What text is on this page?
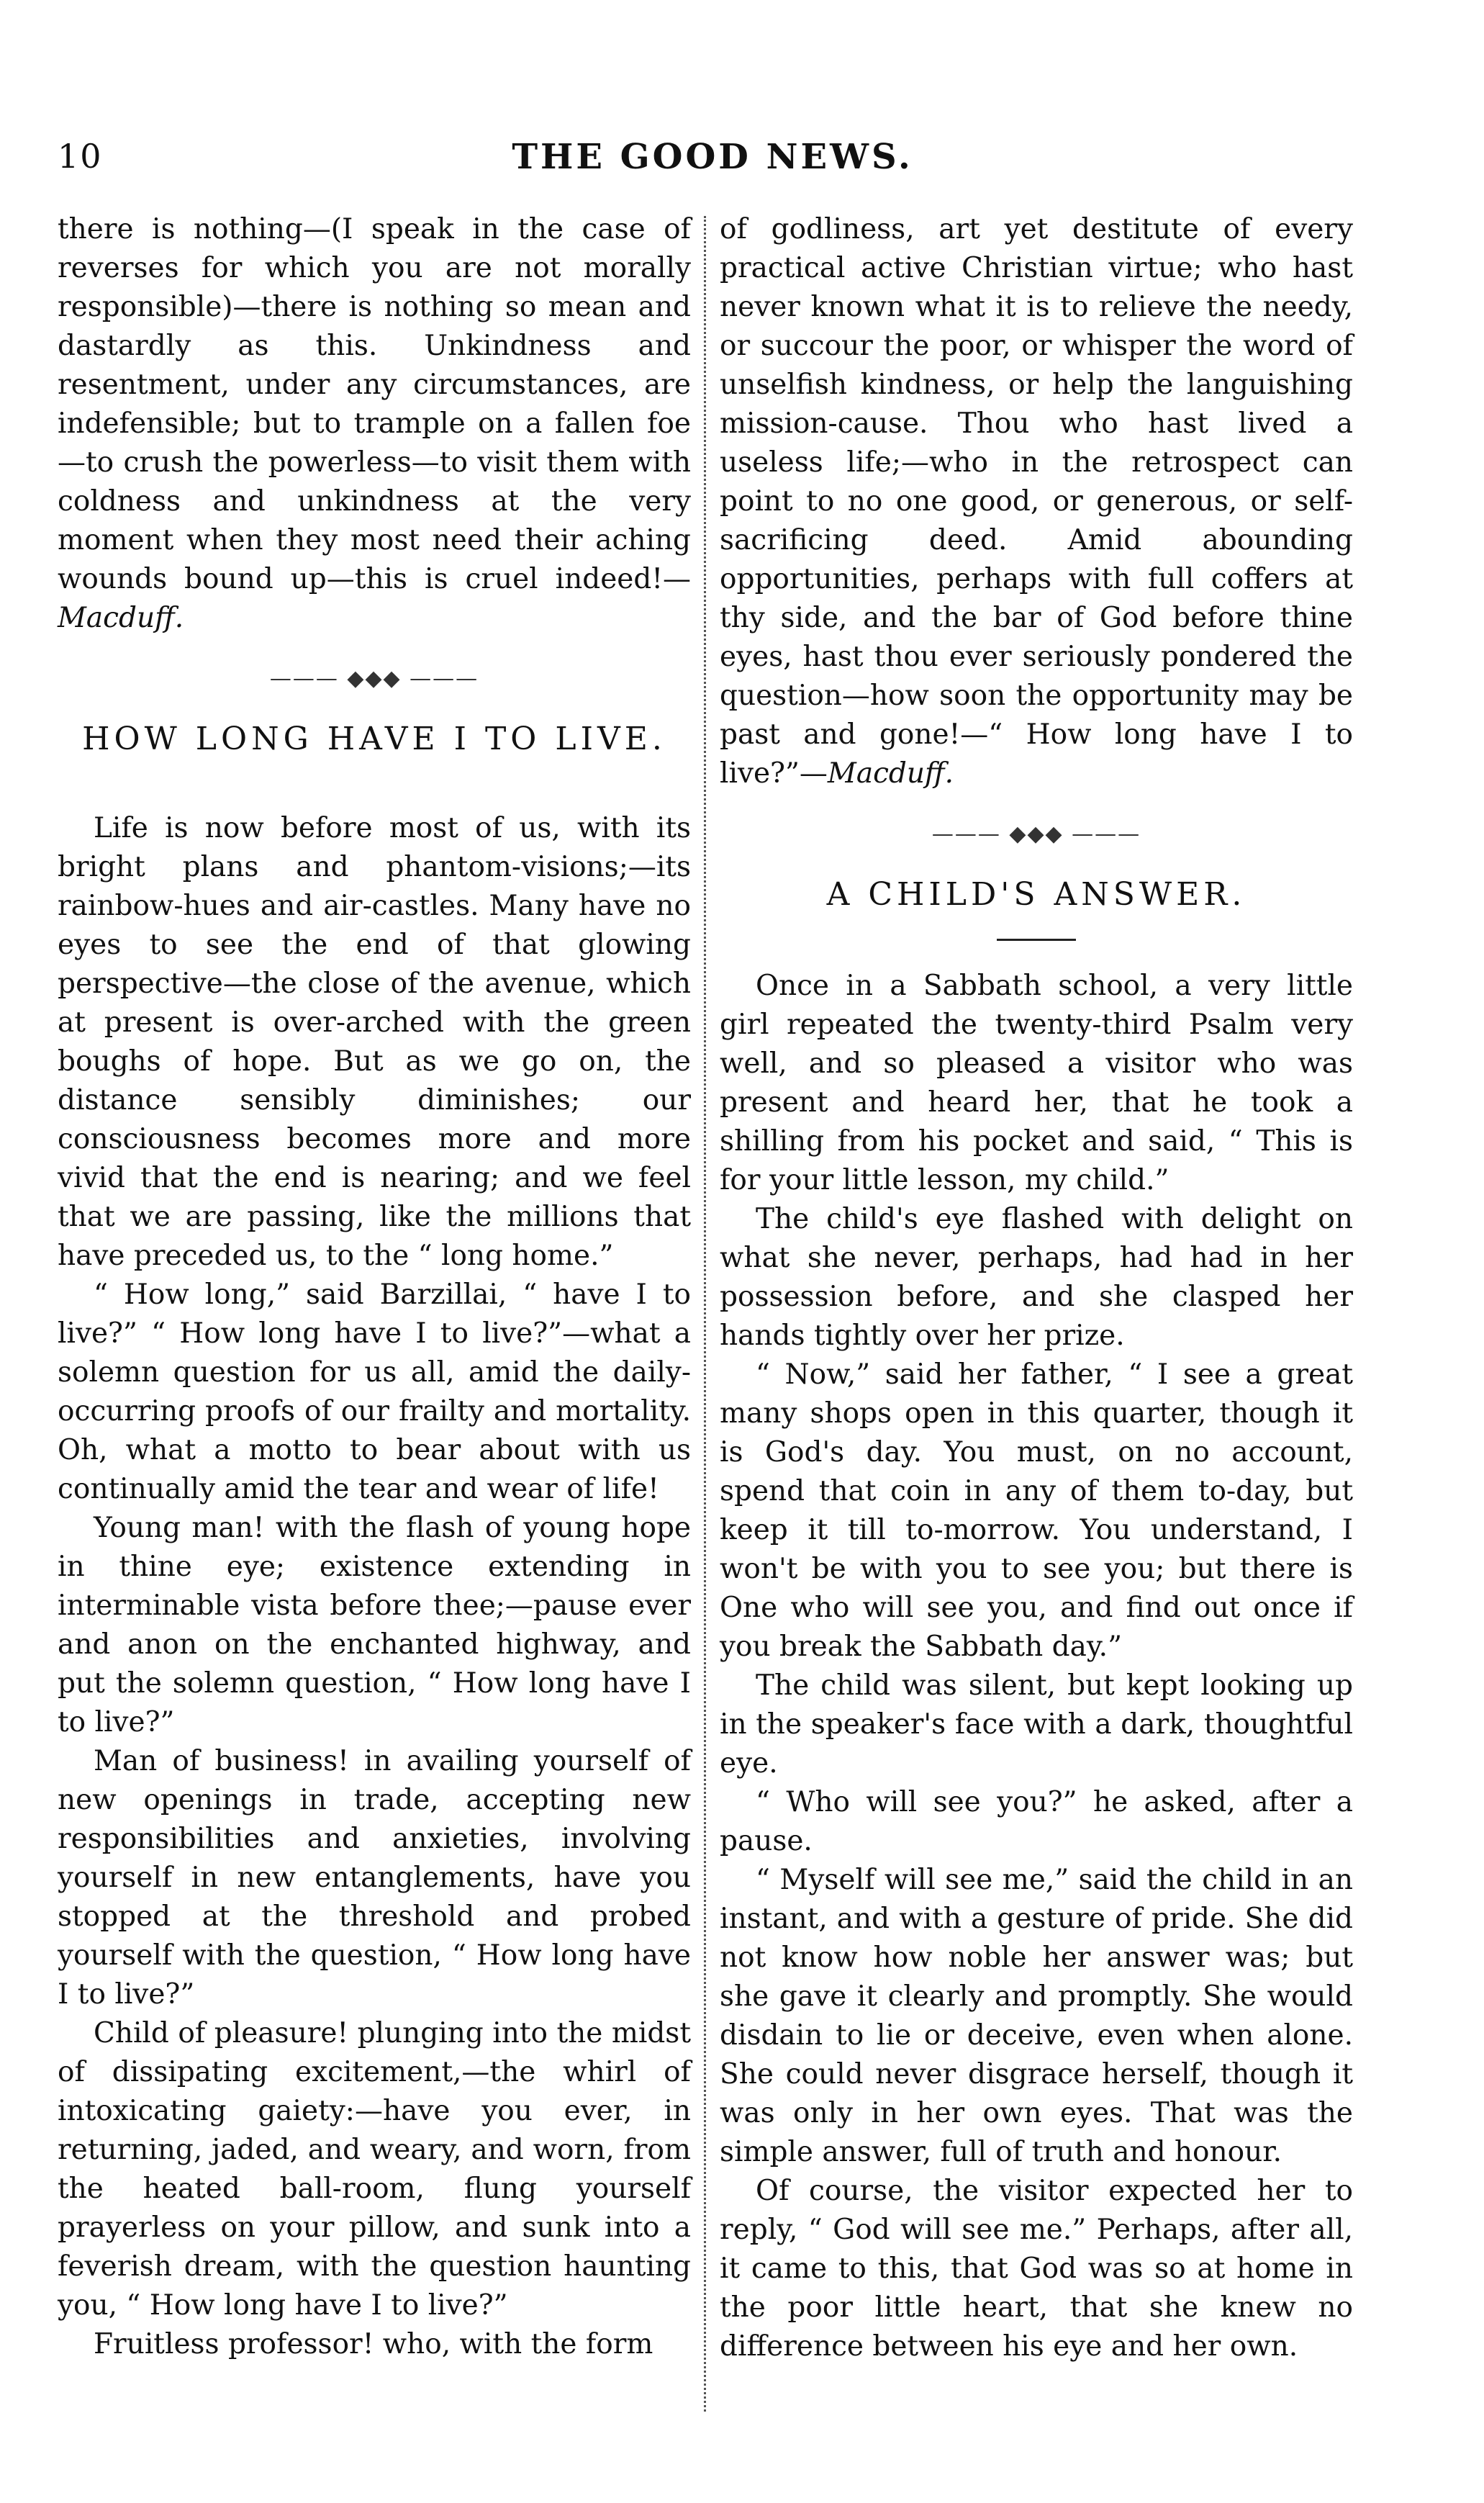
10	THE GOOD NEWS.

there is nothing—(I speak in the case of reverses for which you are not morally responsible)—there is nothing so mean and dastardly as this. Unkindness and resentment, under any circumstances, are indefensible; but to trample on a fallen foe—to crush the powerless—to visit them with coldness and unkindness at the very moment when they most need their aching wounds bound up—this is cruel indeed!— Macduff.

——— ◆◆◆ ———
HOW LONG HAVE I TO LIVE.

Life is now before most of us, with its bright plans and phantom-visions;—its rainbow-hues and air-castles. Many have no eyes to see the end of that glowing perspective—the close of the avenue, which at present is over-arched with the green boughs of hope. But as we go on, the distance sensibly diminishes; our consciousness becomes more and more vivid that the end is nearing; and we feel that we are passing, like the millions that have preceded us, to the “ long home.”

“ How long,” said Barzillai, “ have I to live?” “ How long have I to live?”—what a solemn question for us all, amid the daily-occurring proofs of our frailty and mortality. Oh, what a motto to bear about with us continually amid the tear and wear of life!

Young man! with the flash of young hope in thine eye; existence extending in interminable vista before thee;—pause ever and anon on the enchanted highway, and put the solemn question, “ How long have I to live?”

Man of business! in availing yourself of new openings in trade, accepting new responsibilities and anxieties, involving yourself in new entanglements, have you stopped at the threshold and probed yourself with the question, “ How long have I to live?”

Child of pleasure! plunging into the midst of dissipating excitement,—the whirl of intoxicating gaiety:—have you ever, in returning, jaded, and weary, and worn, from the heated ball-room, flung yourself prayerless on your pillow, and sunk into a feverish dream, with the question haunting you, “ How long have I to live?”

Fruitless professor! who, with the form

of godliness, art yet destitute of every practical active Christian virtue; who hast never known what it is to relieve the needy, or succour the poor, or whisper the word of unselfish kindness, or help the languishing mission-cause. Thou who hast lived a useless life;—who in the retrospect can point to no one good, or generous, or self-sacrificing deed. Amid abounding opportunities, perhaps with full coffers at thy side, and the bar of God before thine eyes, hast thou ever seriously pondered the question—how soon the opportunity may be past and gone!—“ How long have I to live?”—Macduff.

——— ◆◆◆ ———
A CHILD'S ANSWER.

Once in a Sabbath school, a very little girl repeated the twenty-third Psalm very well, and so pleased a visitor who was present and heard her, that he took a shilling from his pocket and said, “ This is for your little lesson, my child.”

The child's eye flashed with delight on what she never, perhaps, had had in her possession before, and she clasped her hands tightly over her prize.

“ Now,” said her father, “ I see a great many shops open in this quarter, though it is God's day. You must, on no account, spend that coin in any of them to-day, but keep it till to-morrow. You understand, I won't be with you to see you; but there is One who will see you, and find out once if you break the Sabbath day.”

The child was silent, but kept looking up in the speaker's face with a dark, thoughtful eye.

“ Who will see you?” he asked, after a pause.

“ Myself will see me,” said the child in an instant, and with a gesture of pride. She did not know how noble her answer was; but she gave it clearly and promptly. She would disdain to lie or deceive, even when alone. She could never disgrace herself, though it was only in her own eyes. That was the simple answer, full of truth and honour.

Of course, the visitor expected her to reply, “ God will see me.” Perhaps, after all, it came to this, that God was so at home in the poor little heart, that she knew no difference between his eye and her own.
